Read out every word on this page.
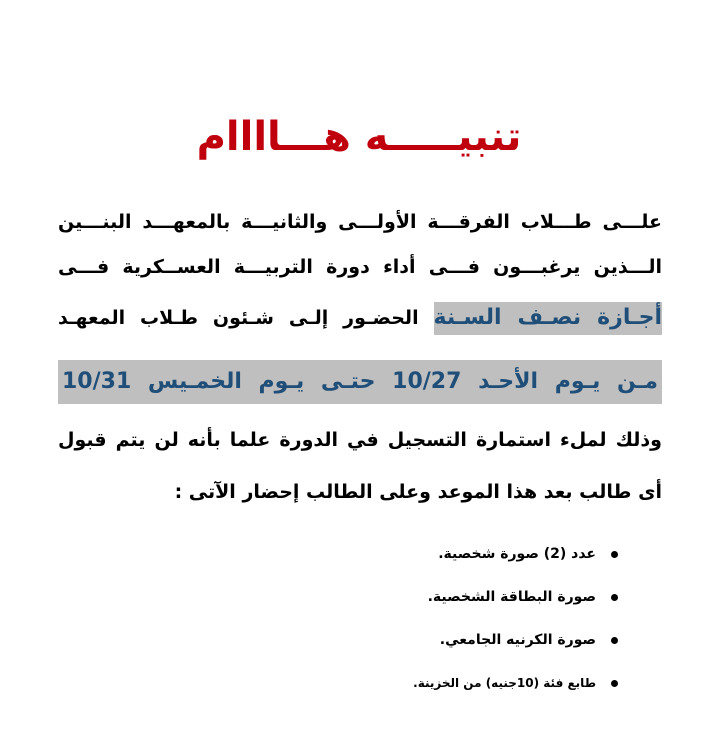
تنبيـــــه هـــاااام
علـــى طـــلاب الفرقـــة الأولـــى والثانيـــة بالمعهـــد البنـــين
الـــذين يرغبـــون فـــى أداء دورة التربيـــة العســكرية فـــى
أجـازة نصـف السـنة الحضـور إلـى شـئون طـلاب المعهـد
مـن يـوم الأحـد 10/27 حتـى يـوم الخمـيس 10/31
وذلك لملء استمارة التسجيل في الدورة علما بأنه لن يتم قبول
أى طالب بعد هذا الموعد وعلى الطالب إحضار الآتى :
عدد (2) صورة شخصية.
صورة البطاقة الشخصية.
صورة الكرنيه الجامعي.
طابع فئة (10جنيه) من الخزينة.
